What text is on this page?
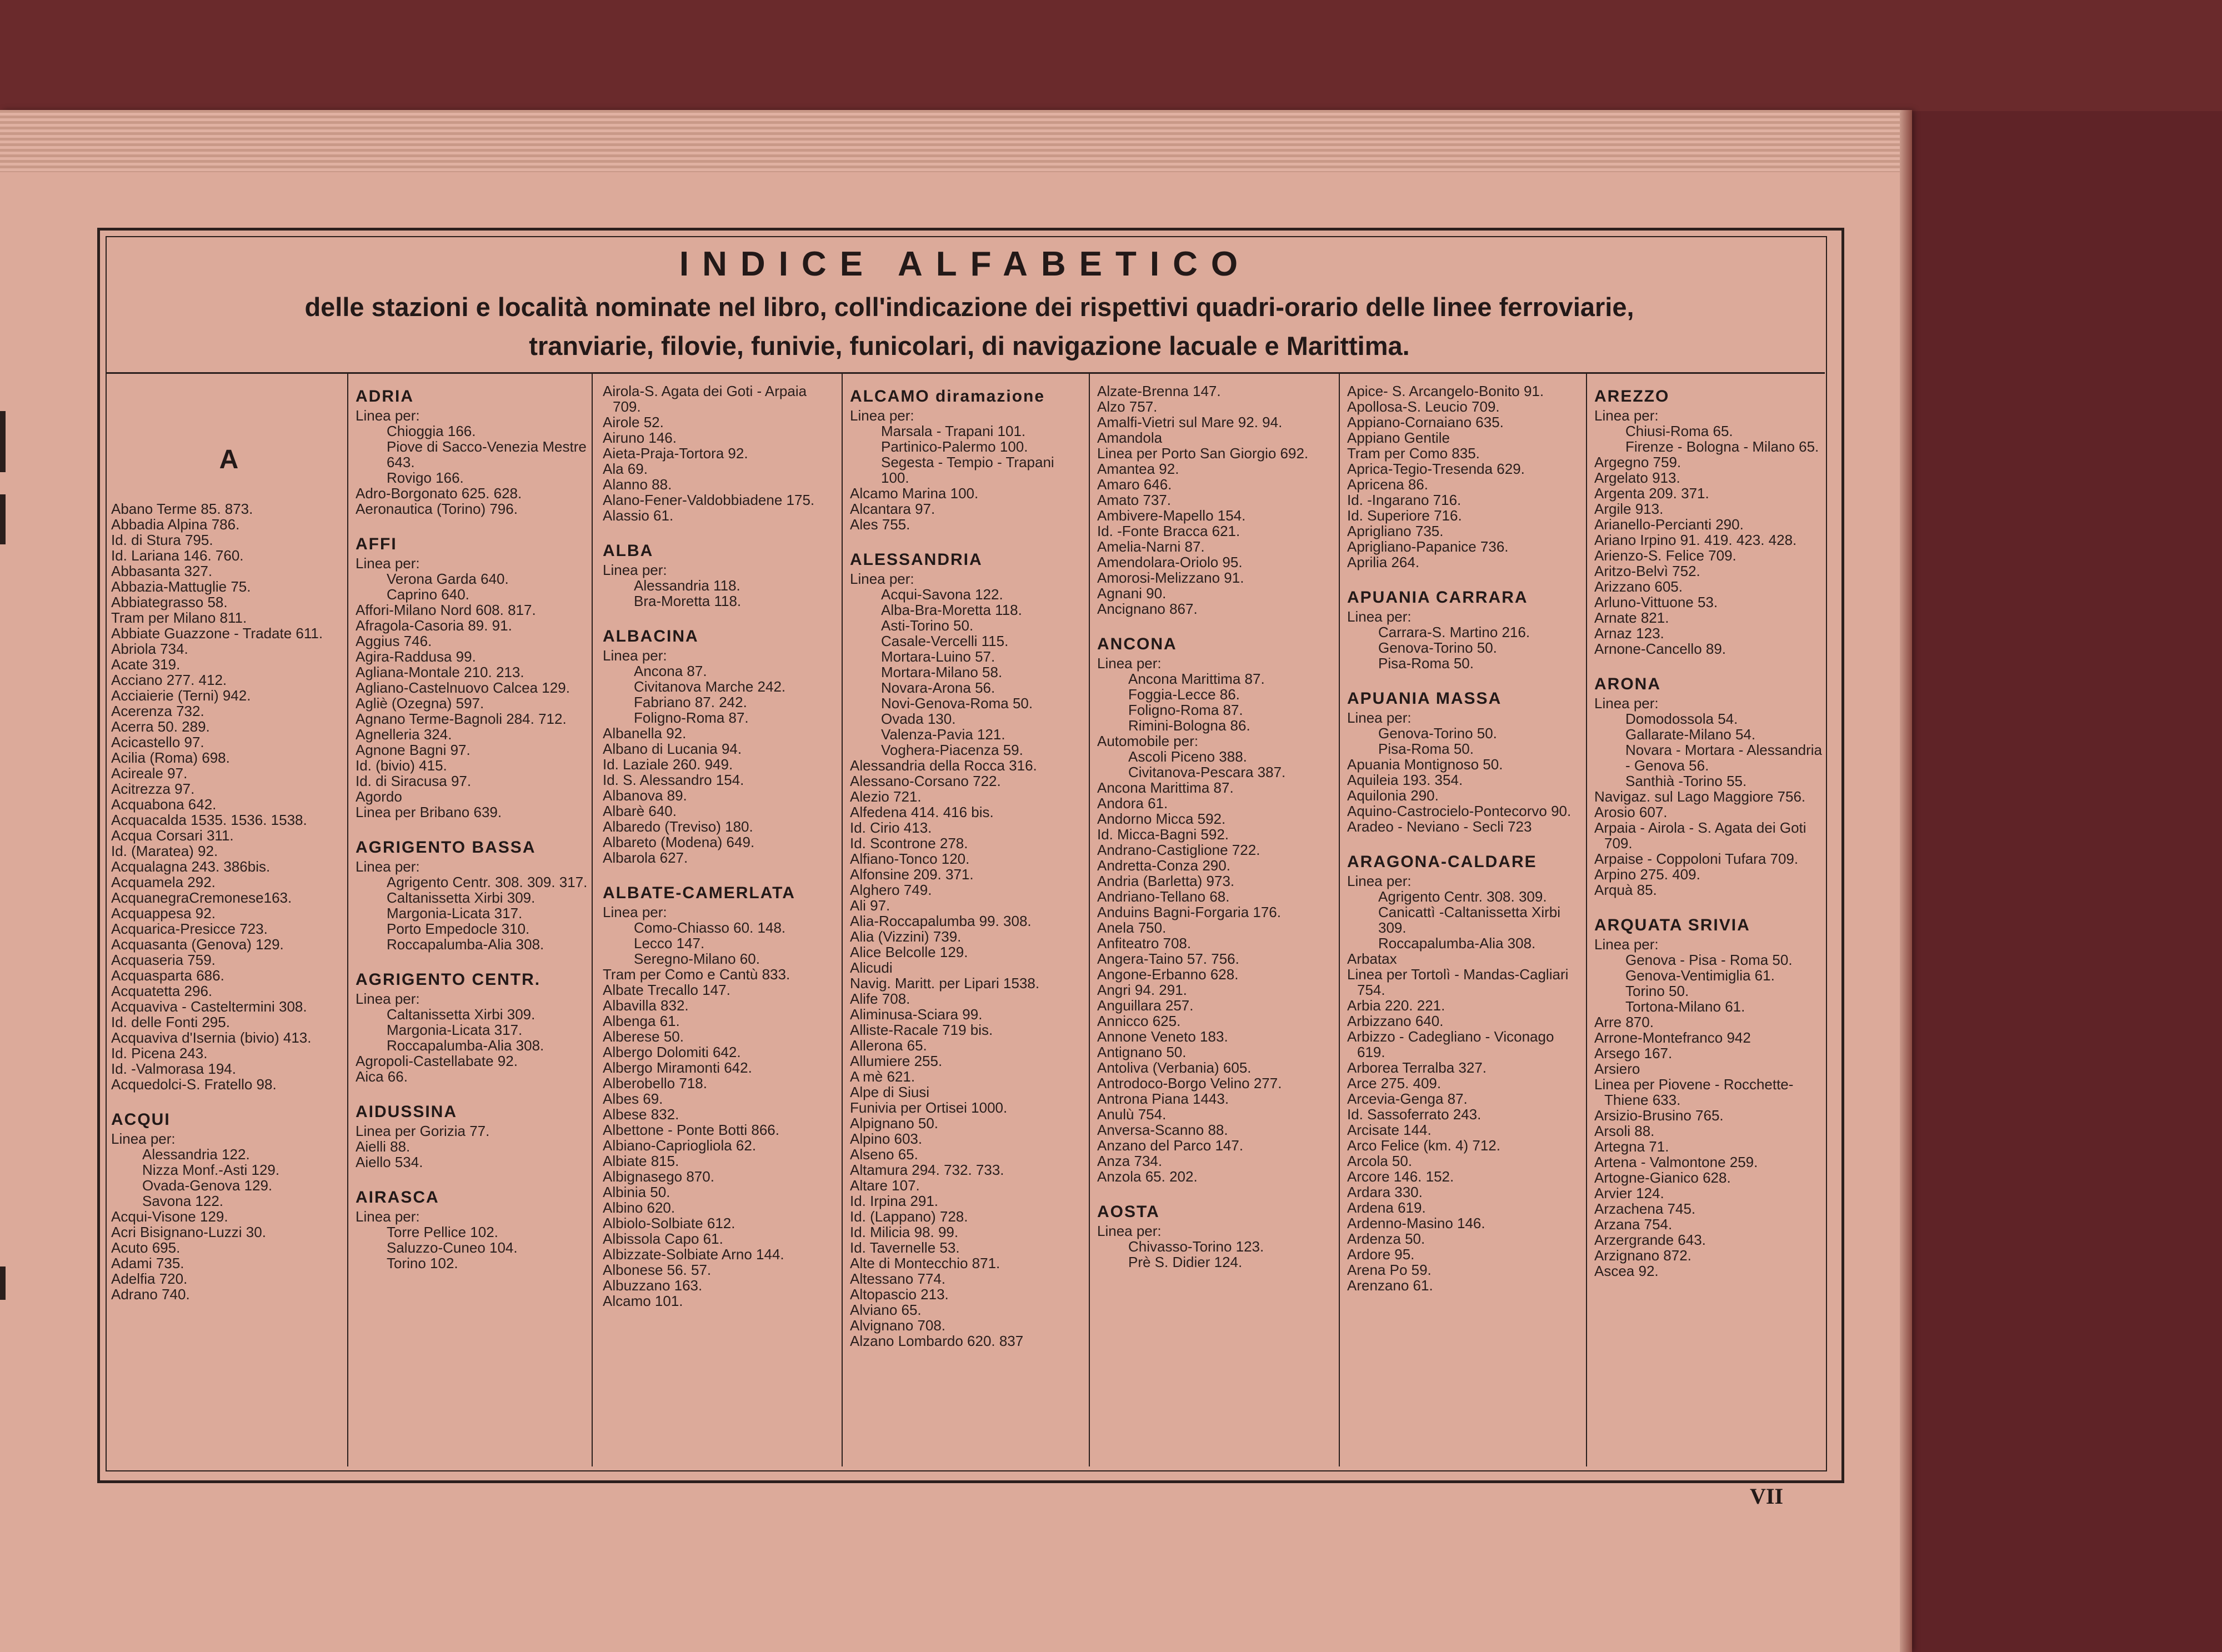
INDICE ALFABETICO
delle stazioni e località nominate nel libro, coll'indicazione dei rispettivi quadri-orario delle linee ferroviarie,
tranviarie, filovie, funivie, funicolari, di navigazione lacuale e Marittima.
A
Abano Terme 85. 873.
Abbadia Alpina 786.
Id. di Stura 795.
Id. Lariana 146. 760.
Abbasanta 327.
Abbazia-Mattuglie 75.
Abbiategrasso 58.
Tram per Milano 811.
Abbiate Guazzone - Tradate 611.
Abriola 734.
Acate 319.
Acciano 277. 412.
Acciaierie (Terni) 942.
Acerenza 732.
Acerra 50. 289.
Acicastello 97.
Acilia (Roma) 698.
Acireale 97.
Acitrezza 97.
Acquabona 642.
Acquacalda 1535. 1536. 1538.
Acqua Corsari 311.
Id. (Maratea) 92.
Acqualagna 243. 386bis.
Acquamela 292.
AcquanegraCremonese163.
Acquappesa 92.
Acquarica-Presicce 723.
Acquasanta (Genova) 129.
Acquaseria 759.
Acquasparta 686.
Acquatetta 296.
Acquaviva - Casteltermini 308.
Id. delle Fonti 295.
Acquaviva d'Isernia (bivio) 413.
Id. Picena 243.
Id. -Valmorasa 194.
Acquedolci-S. Fratello 98.
ACQUI
Linea per:
Alessandria 122.
Nizza Monf.-Asti 129.
Ovada-Genova 129.
Savona 122.
Acqui-Visone 129.
Acri Bisignano-Luzzi 30.
Acuto 695.
Adami 735.
Adelfia 720.
Adrano 740.
ADRIA
Linea per:
Chioggia 166.
Piove di Sacco-Venezia Mestre 643.
Rovigo 166.
Adro-Borgonato 625. 628.
Aeronautica (Torino) 796.
AFFI
Linea per:
Verona Garda 640.
Caprino 640.
Affori-Milano Nord 608. 817.
Afragola-Casoria 89. 91.
Aggius 746.
Agira-Raddusa 99.
Agliana-Montale 210. 213.
Agliano-Castelnuovo Calcea 129.
Agliè (Ozegna) 597.
Agnano Terme-Bagnoli 284. 712.
Agnelleria 324.
Agnone Bagni 97.
Id. (bivio) 415.
Id. di Siracusa 97.
Agordo
Linea per Bribano 639.
AGRIGENTO BASSA
Linea per:
Agrigento Centr. 308. 309. 317.
Caltanissetta Xirbi 309.
Margonia-Licata 317.
Porto Empedocle 310.
Roccapalumba-Alia 308.
AGRIGENTO CENTR.
Linea per:
Caltanissetta Xirbi 309.
Margonia-Licata 317.
Roccapalumba-Alia 308.
Agropoli-Castellabate 92.
Aica 66.
AIDUSSINA
Linea per Gorizia 77.
Aielli 88.
Aiello 534.
AIRASCA
Linea per:
Torre Pellice 102.
Saluzzo-Cuneo 104.
Torino 102.
Airola-S. Agata dei Goti - Arpaia 709.
Airole 52.
Airuno 146.
Aieta-Praja-Tortora 92.
Ala 69.
Alanno 88.
Alano-Fener-Valdobbiadene 175.
Alassio 61.
ALBA
Linea per:
Alessandria 118.
Bra-Moretta 118.
ALBACINA
Linea per:
Ancona 87.
Civitanova Marche 242.
Fabriano 87. 242.
Foligno-Roma 87.
Albanella 92.
Albano di Lucania 94.
Id. Laziale 260. 949.
Id. S. Alessandro 154.
Albanova 89.
Albarè 640.
Albaredo (Treviso) 180.
Albareto (Modena) 649.
Albarola 627.
ALBATE-CAMERLATA
Linea per:
Como-Chiasso 60. 148.
Lecco 147.
Seregno-Milano 60.
Tram per Como e Cantù 833.
Albate Trecallo 147.
Albavilla 832.
Albenga 61.
Alberese 50.
Albergo Dolomiti 642.
Albergo Miramonti 642.
Alberobello 718.
Albes 69.
Albese 832.
Albettone - Ponte Botti 866.
Albiano-Capriogliola 62.
Albiate 815.
Albignasego 870.
Albinia 50.
Albino 620.
Albiolo-Solbiate 612.
Albissola Capo 61.
Albizzate-Solbiate Arno 144.
Albonese 56. 57.
Albuzzano 163.
Alcamo 101.
ALCAMO diramazione
Linea per:
Marsala - Trapani 101.
Partinico-Palermo 100.
Segesta - Tempio - Trapani 100.
Alcamo Marina 100.
Alcantara 97.
Ales 755.
ALESSANDRIA
Linea per:
Acqui-Savona 122.
Alba-Bra-Moretta 118.
Asti-Torino 50.
Casale-Vercelli 115.
Mortara-Luino 57.
Mortara-Milano 58.
Novara-Arona 56.
Novi-Genova-Roma 50.
Ovada 130.
Valenza-Pavia 121.
Voghera-Piacenza 59.
Alessandria della Rocca 316.
Alessano-Corsano 722.
Alezio 721.
Alfedena 414. 416 bis.
Id. Cirio 413.
Id. Scontrone 278.
Alfiano-Tonco 120.
Alfonsine 209. 371.
Alghero 749.
Ali 97.
Alia-Roccapalumba 99. 308.
Alia (Vizzini) 739.
Alice Belcolle 129.
Alicudi
Navig. Maritt. per Lipari 1538.
Alife 708.
Aliminusa-Sciara 99.
Alliste-Racale 719 bis.
Allerona 65.
Allumiere 255.
A mè 621.
Alpe di Siusi
Funivia per Ortisei 1000.
Alpignano 50.
Alpino 603.
Alseno 65.
Altamura 294. 732. 733.
Altare 107.
Id. Irpina 291.
Id. (Lappano) 728.
Id. Milicia 98. 99.
Id. Tavernelle 53.
Alte di Montecchio 871.
Altessano 774.
Altopascio 213.
Alviano 65.
Alvignano 708.
Alzano Lombardo 620. 837
Alzate-Brenna 147.
Alzo 757.
Amalfi-Vietri sul Mare 92. 94.
Amandola
Linea per Porto San Giorgio 692.
Amantea 92.
Amaro 646.
Amato 737.
Ambivere-Mapello 154.
Id. -Fonte Bracca 621.
Amelia-Narni 87.
Amendolara-Oriolo 95.
Amorosi-Melizzano 91.
Agnani 90.
Ancignano 867.
ANCONA
Linea per:
Ancona Marittima 87.
Foggia-Lecce 86.
Foligno-Roma 87.
Rimini-Bologna 86.
Automobile per:
Ascoli Piceno 388.
Civitanova-Pescara 387.
Ancona Marittima 87.
Andora 61.
Andorno Micca 592.
Id. Micca-Bagni 592.
Andrano-Castiglione 722.
Andretta-Conza 290.
Andria (Barletta) 973.
Andriano-Tellano 68.
Anduins Bagni-Forgaria 176.
Anela 750.
Anfiteatro 708.
Angera-Taino 57. 756.
Angone-Erbanno 628.
Angri 94. 291.
Anguillara 257.
Annicco 625.
Annone Veneto 183.
Antignano 50.
Antoliva (Verbania) 605.
Antrodoco-Borgo Velino 277.
Antrona Piana 1443.
Anulù 754.
Anversa-Scanno 88.
Anzano del Parco 147.
Anza 734.
Anzola 65. 202.
AOSTA
Linea per:
Chivasso-Torino 123.
Prè S. Didier 124.
Apice- S. Arcangelo-Bonito 91.
Apollosa-S. Leucio 709.
Appiano-Cornaiano 635.
Appiano Gentile
Tram per Como 835.
Aprica-Tegio-Tresenda 629.
Apricena 86.
Id. -Ingarano 716.
Id. Superiore 716.
Aprigliano 735.
Aprigliano-Papanice 736.
Aprilia 264.
APUANIA CARRARA
Linea per:
Carrara-S. Martino 216.
Genova-Torino 50.
Pisa-Roma 50.
APUANIA MASSA
Linea per:
Genova-Torino 50.
Pisa-Roma 50.
Apuania Montignoso 50.
Aquileia 193. 354.
Aquilonia 290.
Aquino-Castrocielo-Pontecorvo 90.
Aradeo - Neviano - Secli 723
ARAGONA-CALDARE
Linea per:
Agrigento Centr. 308. 309.
Canicattì -Caltanissetta Xirbi 309.
Roccapalumba-Alia 308.
Arbatax
Linea per Tortolì - Mandas-Cagliari 754.
Arbia 220. 221.
Arbizzano 640.
Arbizzo - Cadegliano - Viconago 619.
Arborea Terralba 327.
Arce 275. 409.
Arcevia-Genga 87.
Id. Sassoferrato 243.
Arcisate 144.
Arco Felice (km. 4) 712.
Arcola 50.
Arcore 146. 152.
Ardara 330.
Ardena 619.
Ardenno-Masino 146.
Ardenza 50.
Ardore 95.
Arena Po 59.
Arenzano 61.
AREZZO
Linea per:
Chiusi-Roma 65.
Firenze - Bologna - Milano 65.
Argegno 759.
Argelato 913.
Argenta 209. 371.
Argile 913.
Arianello-Percianti 290.
Ariano Irpino 91. 419. 423. 428.
Arienzo-S. Felice 709.
Aritzo-Belvì 752.
Arizzano 605.
Arluno-Vittuone 53.
Arnate 821.
Arnaz 123.
Arnone-Cancello 89.
ARONA
Linea per:
Domodossola 54.
Gallarate-Milano 54.
Novara - Mortara - Alessandria - Genova 56.
Santhià -Torino 55.
Navigaz. sul Lago Maggiore 756.
Arosio 607.
Arpaia - Airola - S. Agata dei Goti 709.
Arpaise - Coppoloni Tufara 709.
Arpino 275. 409.
Arquà 85.
ARQUATA SRIVIA
Linea per:
Genova - Pisa - Roma 50.
Genova-Ventimiglia 61.
Torino 50.
Tortona-Milano 61.
Arre 870.
Arrone-Montefranco 942
Arsego 167.
Arsiero
Linea per Piovene - Rocchette-Thiene 633.
Arsizio-Brusino 765.
Arsoli 88.
Artegna 71.
Artena - Valmontone 259.
Artogne-Gianico 628.
Arvier 124.
Arzachena 745.
Arzana 754.
Arzergrande 643.
Arzignano 872.
Ascea 92.
VII
